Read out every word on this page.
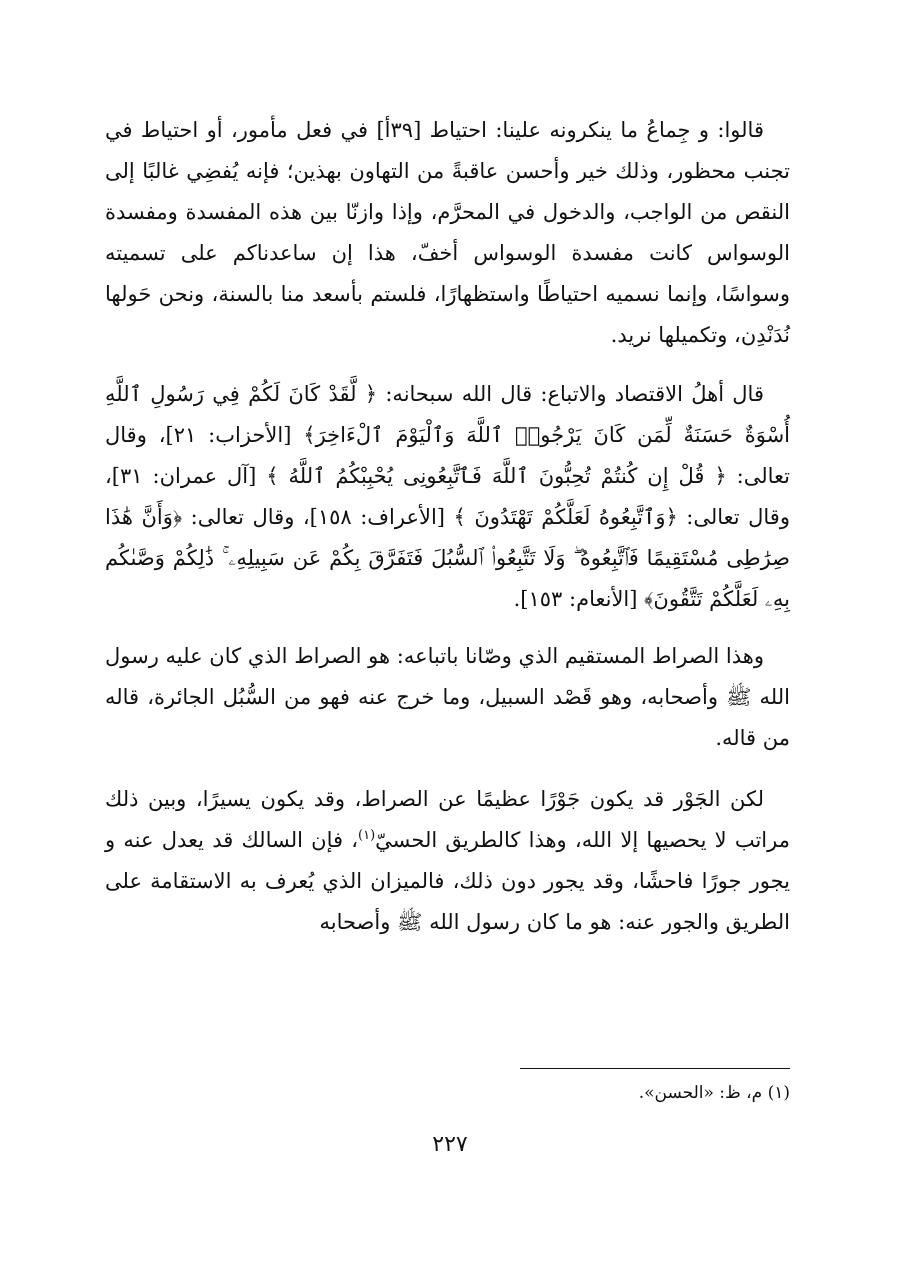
قالوا: و جِماعُ ما ينكرونه علينا: احتياط [٣٩أ] في فعل مأمور، أو احتياط في تجنب محظور، وذلك خير وأحسن عاقبةً من التهاون بهذين؛ فإنه يُفضِي غالبًا إلى النقص من الواجب، والدخول في المحرَّم، وإذا وازنّا بين هذه المفسدة ومفسدة الوسواس كانت مفسدة الوسواس أخفّ، هذا إن ساعدناكم على تسميته وسواسًا، وإنما نسميه احتياطًا واستظهارًا، فلستم بأسعد منا بالسنة، ونحن حَولها نُدَنْدِن، وتكميلها نريد.

قال أهلُ الاقتصاد والاتباع: قال الله سبحانه: ﴿ لَّقَدْ كَانَ لَكُمْ فِي رَسُولِ ٱللَّهِ أُسْوَةٌ حَسَنَةٌ لِّمَن كَانَ يَرْجُوا۟ ٱللَّهَ وَٱلْيَوْمَ ٱلْءَاخِرَ﴾ [الأحزاب: ٢١]، وقال تعالى: ﴿ قُلْ إِن كُنتُمْ تُحِبُّونَ ٱللَّهَ فَٱتَّبِعُونِى يُحْبِبْكُمُ ٱللَّهُ ﴾ [آل عمران: ٣١]، وقال تعالى: ﴿وَٱتَّبِعُوهُ لَعَلَّكُمْ تَهْتَدُونَ ﴾ [الأعراف: ١٥٨]، وقال تعالى: ﴿وَأَنَّ هَٰذَا صِرَٰطِى مُسْتَقِيمًا فَٱتَّبِعُوهُ ۖ وَلَا تَتَّبِعُوا۟ ٱلسُّبُلَ فَتَفَرَّقَ بِكُمْ عَن سَبِيلِهِۦ ۚ ذَٰلِكُمْ وَصَّىٰكُم بِهِۦ لَعَلَّكُمْ تَتَّقُونَ﴾ [الأنعام: ١٥٣].

وهذا الصراط المستقيم الذي وصّانا باتباعه: هو الصراط الذي كان عليه رسول الله ﷺ وأصحابه، وهو قَصْد السبيل، وما خرج عنه فهو من السُّبُل الجائرة، قاله من قاله.

لكن الجَوْر قد يكون جَوْرًا عظيمًا عن الصراط، وقد يكون يسيرًا، وبين ذلك مراتب لا يحصيها إلا الله، وهذا كالطريق الحسيّ$^{(١)}$، فإن السالك قد يعدل عنه و يجور جورًا فاحشًا، وقد يجور دون ذلك، فالميزان الذي يُعرف به الاستقامة على الطريق والجور عنه: هو ما كان رسول الله ﷺ وأصحابه

(١) م، ظ: «الحسن».
٢٢٧
